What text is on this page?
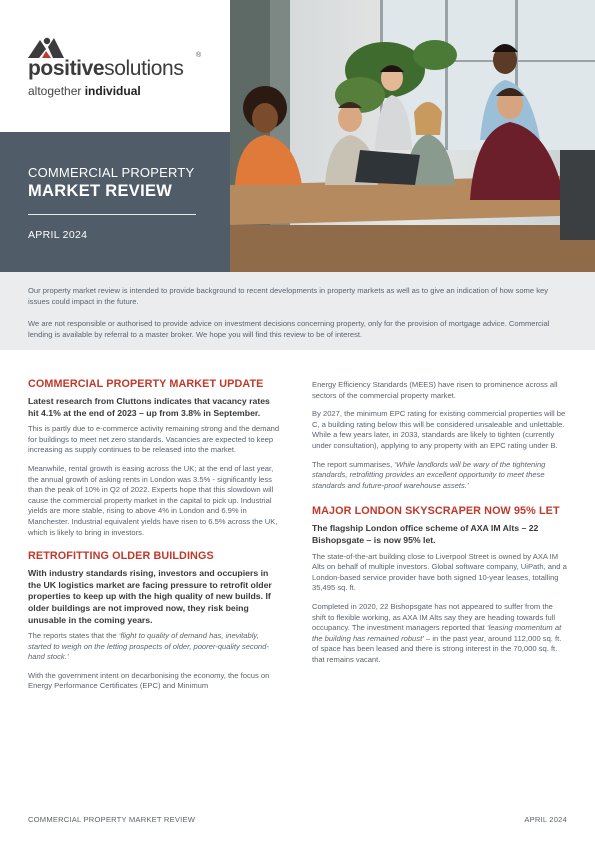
positivesolutions
®
altogether individual
COMMERCIAL PROPERTY
MARKET REVIEW
APRIL 2024

Our property market review is intended to provide background to recent developments in property markets as well as to give an indication of how some key issues could impact in the future.

We are not responsible or authorised to provide advice on investment decisions concerning property, only for the provision of mortgage advice. Commercial lending is available by referral to a master broker. We hope you will find this review to be of interest.

COMMERCIAL PROPERTY MARKET UPDATE

Latest research from Cluttons indicates that vacancy rates hit 4.1% at the end of 2023 – up from 3.8% in September.

This is partly due to e-commerce activity remaining strong and the demand for buildings to meet net zero standards. Vacancies are expected to keep increasing as supply continues to be released into the market.

Meanwhile, rental growth is easing across the UK; at the end of last year, the annual growth of asking rents in London was 3.5% - significantly less than the peak of 10% in Q2 of 2022. Experts hope that this slowdown will cause the commercial property market in the capital to pick up. Industrial yields are more stable, rising to above 4% in London and 6.9% in Manchester. Industrial equivalent yields have risen to 6.5% across the UK, which is likely to bring in investors.

RETROFITTING OLDER BUILDINGS

With industry standards rising, investors and occupiers in the UK logistics market are facing pressure to retrofit older properties to keep up with the high quality of new builds. If older buildings are not improved now, they risk being unusable in the coming years.

The reports states that the ‘flight to quality of demand has, inevitably, started to weigh on the letting prospects of older, poorer-quality second-hand stock.’

With the government intent on decarbonising the economy, the focus on Energy Performance Certificates (EPC) and Minimum

Energy Efficiency Standards (MEES) have risen to prominence across all sectors of the commercial property market.

By 2027, the minimum EPC rating for existing commercial properties will be C, a building rating below this will be considered unsaleable and unlettable. While a few years later, in 2033, standards are likely to tighten (currently under consultation), applying to any property with an EPC rating under B.

The report summarises, ‘While landlords will be wary of the tightening standards, retrofitting provides an excellent opportunity to meet these standards and future-proof warehouse assets.’

MAJOR LONDON SKYSCRAPER NOW 95% LET

The flagship London office scheme of AXA IM Alts – 22 Bishopsgate – is now 95% let.

The state-of-the-art building close to Liverpool Street is owned by AXA IM Alts on behalf of multiple investors. Global software company, UiPath, and a London-based service provider have both signed 10-year leases, totalling 35,495 sq. ft.

Completed in 2020, 22 Bishopsgate has not appeared to suffer from the shift to flexible working, as AXA IM Alts say they are heading towards full occupancy. The investment managers reported that ‘leasing momentum at the building has remained robust’ – in the past year, around 112,000 sq. ft. of space has been leased and there is strong interest in the 70,000 sq. ft. that remains vacant.

COMMERCIAL PROPERTY MARKET REVIEW	APRIL 2024
